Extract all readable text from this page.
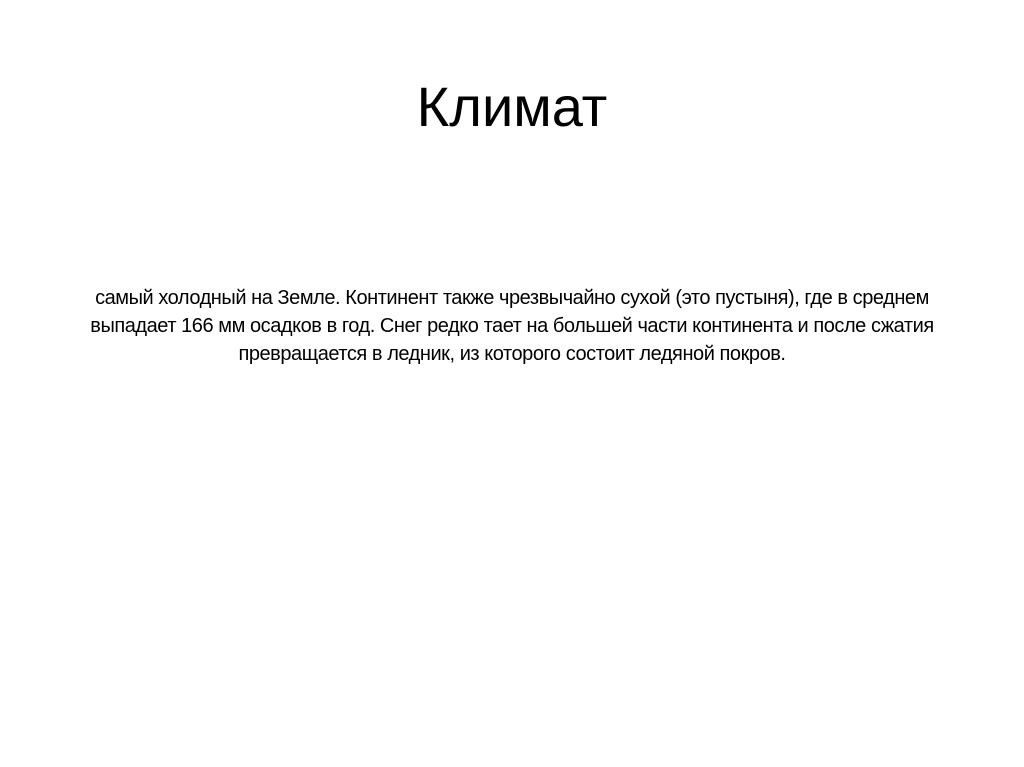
Климат

самый холодный на Земле. Континент также чрезвычайно сухой (это пустыня), где в среднем выпадает 166 мм осадков в год. Снег редко тает на большей части континента и после сжатия превращается в ледник, из которого состоит ледяной покров.
